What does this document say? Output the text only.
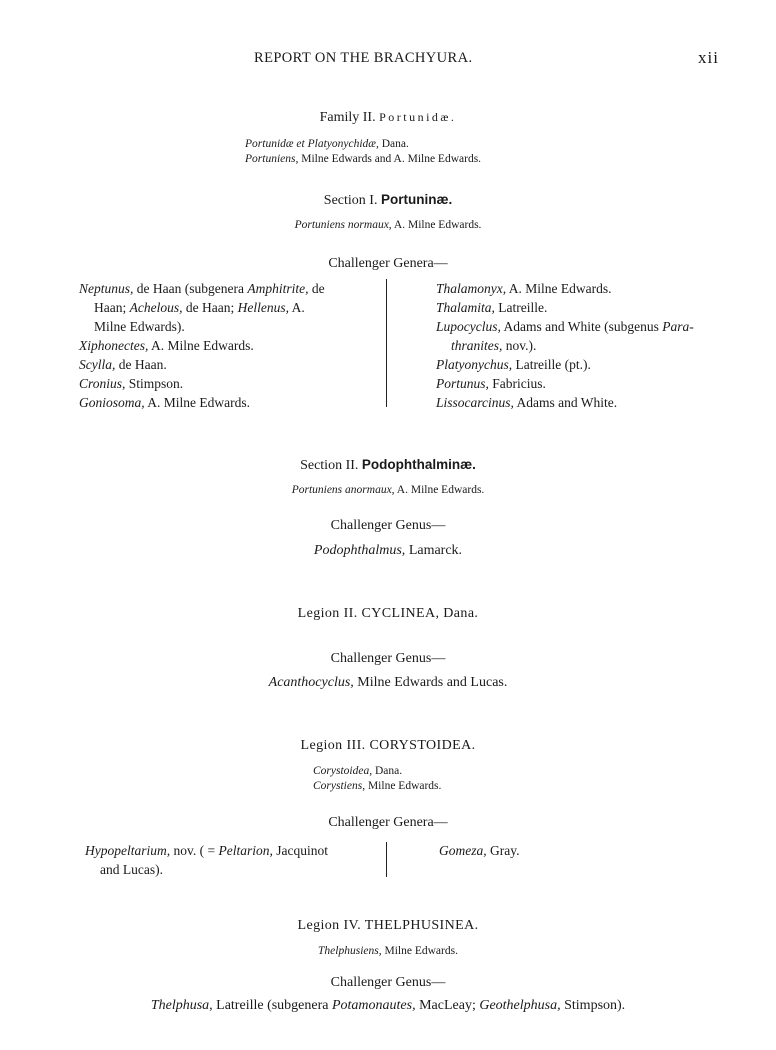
REPORT ON THE BRACHYURA.	xii
Family II. Portunidæ.
Portunidæ et Platyonychidæ, Dana.
Portuniens, Milne Edwards and A. Milne Edwards.
Section I. Portuninæ.
Portuniens normaux, A. Milne Edwards.
Challenger Genera—
Neptunus, de Haan (subgenera Amphitrite, de
Haan; Achelous, de Haan; Hellenus, A.
Milne Edwards).
Xiphonectes, A. Milne Edwards.
Scylla, de Haan.
Cronius, Stimpson.
Goniosoma, A. Milne Edwards.
Thalamonyx, A. Milne Edwards.
Thalamita, Latreille.
Lupocyclus, Adams and White (subgenus Para-
thranites, nov.).
Platyonychus, Latreille (pt.).
Portunus, Fabricius.
Lissocarcinus, Adams and White.
Section II. Podophthalminæ.
Portuniens anormaux, A. Milne Edwards.
Challenger Genus—
Podophthalmus, Lamarck.
Legion II. CYCLINEA, Dana.
Challenger Genus—
Acanthocyclus, Milne Edwards and Lucas.
Legion III. CORYSTOIDEA.
Corystoidea, Dana.
Corystiens, Milne Edwards.
Challenger Genera—
Hypopeltarium, nov. ( = Peltarion, Jacquinot
and Lucas).
Gomeza, Gray.
Legion IV. THELPHUSINEA.
Thelphusiens, Milne Edwards.
Challenger Genus—
Thelphusa, Latreille (subgenera Potamonautes, MacLeay; Geothelphusa, Stimpson).
